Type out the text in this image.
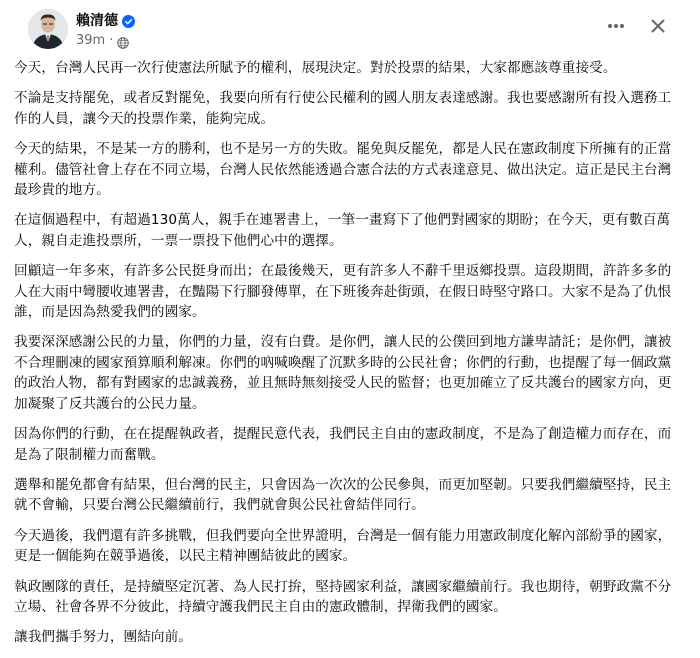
賴清德
39m ·

今天，台灣人民再一次行使憲法所賦予的權利，展現決定。對於投票的結果，大家都應該尊重接受。

不論是支持罷免，或者反對罷免，我要向所有行使公民權利的國人朋友表達感謝。我也要感謝所有投入選務工作的人員，讓今天的投票作業，能夠完成。

今天的結果，不是某一方的勝利，也不是另一方的失敗。罷免與反罷免，都是人民在憲政制度下所擁有的正當權利。儘管社會上存在不同立場，台灣人民依然能透過合憲合法的方式表達意見、做出決定。這正是民主台灣最珍貴的地方。

在這個過程中，有超過130萬人，親手在連署書上，一筆一畫寫下了他們對國家的期盼；在今天，更有數百萬人，親自走進投票所，一票一票投下他們心中的選擇。

回顧這一年多來，有許多公民挺身而出；在最後幾天，更有許多人不辭千里返鄉投票。這段期間，許許多多的人在大雨中彎腰收連署書，在豔陽下行腳發傳單，在下班後奔赴街頭，在假日時堅守路口。大家不是為了仇恨誰，而是因為熱愛我們的國家。

我要深深感謝公民的力量，你們的力量，沒有白費。是你們，讓人民的公僕回到地方謙卑請託；是你們，讓被不合理刪凍的國家預算順利解凍。你們的吶喊喚醒了沉默多時的公民社會；你們的行動，也提醒了每一個政黨的政治人物，都有對國家的忠誠義務，並且無時無刻接受人民的監督；也更加確立了反共護台的國家方向，更加凝聚了反共護台的公民力量。

因為你們的行動，在在提醒執政者，提醒民意代表，我們民主自由的憲政制度，不是為了創造權力而存在，而是為了限制權力而奮戰。

選舉和罷免都會有結果，但台灣的民主，只會因為一次次的公民參與，而更加堅韌。只要我們繼續堅持，民主就不會輸，只要台灣公民繼續前行，我們就會與公民社會結伴同行。

今天過後，我們還有許多挑戰，但我們要向全世界證明，台灣是一個有能力用憲政制度化解內部紛爭的國家，更是一個能夠在競爭過後，以民主精神團結彼此的國家。

執政團隊的責任，是持續堅定沉著、為人民打拚，堅持國家利益，讓國家繼續前行。我也期待，朝野政黨不分立場、社會各界不分彼此，持續守護我們民主自由的憲政體制，捍衛我們的國家。

讓我們攜手努力，團結向前。
